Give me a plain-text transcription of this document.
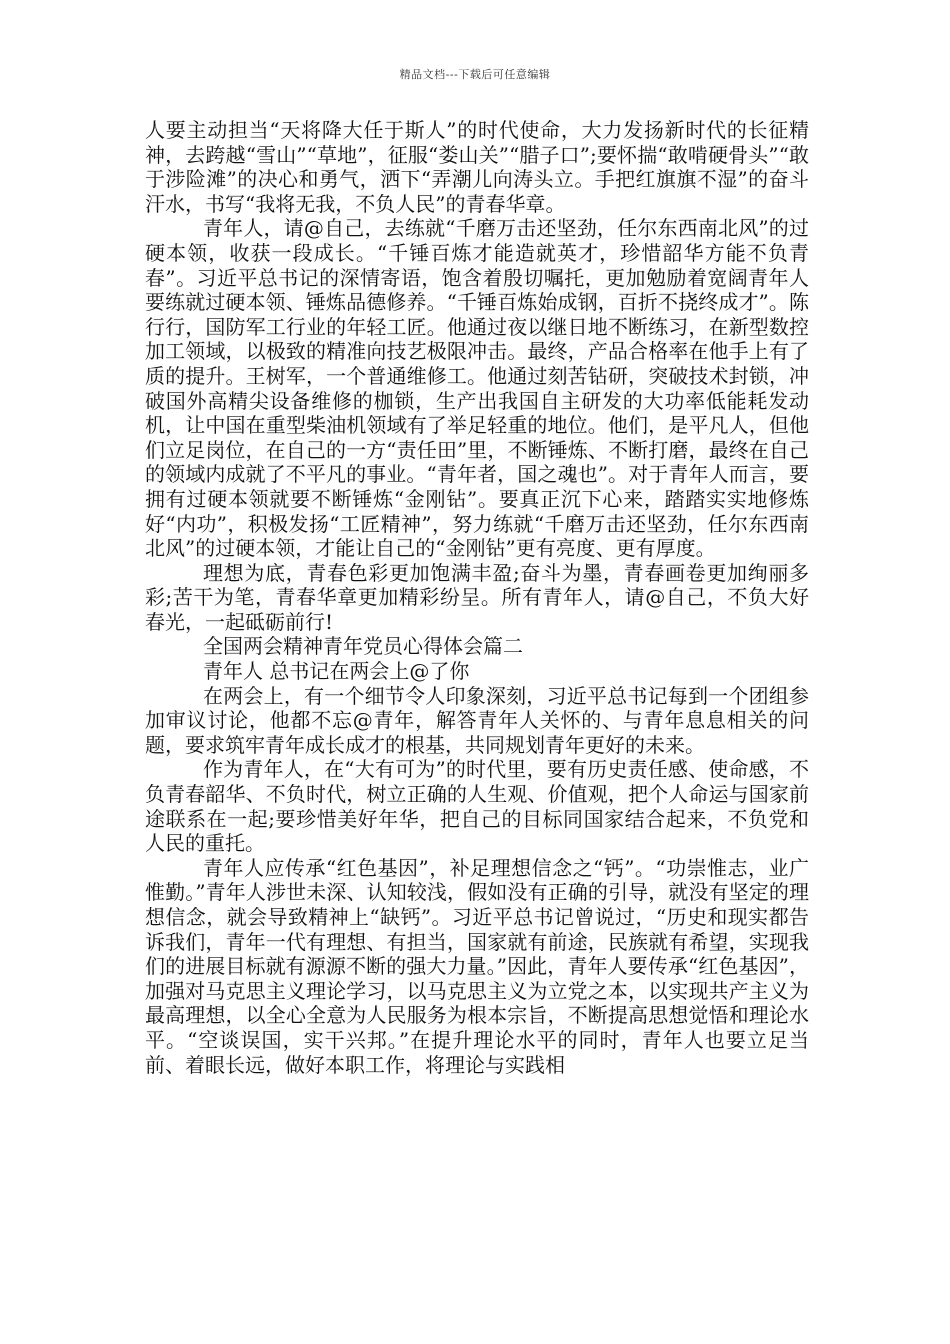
精品文档---下载后可任意编辑

人要主动担当“天将降大任于斯人”的时代使命，大力发扬新时代的长征精神，去跨越“雪山”“草地”，征服“娄山关”“腊子口”;要怀揣“敢啃硬骨头”“敢于涉险滩”的决心和勇气，洒下“弄潮儿向涛头立。手把红旗旗不湿”的奋斗汗水，书写“我将无我，不负人民”的青春华章。

青年人，请@自己，去练就“千磨万击还坚劲，任尔东西南北风”的过硬本领，收获一段成长。“千锤百炼才能造就英才，珍惜韶华方能不负青春”。习近平总书记的深情寄语，饱含着殷切嘱托，更加勉励着宽阔青年人要练就过硬本领、锤炼品德修养。“千锤百炼始成钢，百折不挠终成才”。陈行行，国防军工行业的年轻工匠。他通过夜以继日地不断练习，在新型数控加工领域，以极致的精准向技艺极限冲击。最终，产品合格率在他手上有了质的提升。王树军，一个普通维修工。他通过刻苦钻研，突破技术封锁，冲破国外高精尖设备维修的枷锁，生产出我国自主研发的大功率低能耗发动机，让中国在重型柴油机领域有了举足轻重的地位。他们，是平凡人，但他们立足岗位，在自己的一方“责任田”里，不断锤炼、不断打磨，最终在自己的领域内成就了不平凡的事业。“青年者，国之魂也”。对于青年人而言，要拥有过硬本领就要不断锤炼“金刚钻”。要真正沉下心来，踏踏实实地修炼好“内功”，积极发扬“工匠精神”，努力练就“千磨万击还坚劲，任尔东西南北风”的过硬本领，才能让自己的“金刚钻”更有亮度、更有厚度。

理想为底，青春色彩更加饱满丰盈;奋斗为墨，青春画卷更加绚丽多彩;苦干为笔，青春华章更加精彩纷呈。所有青年人，请@自己，不负大好春光，一起砥砺前行!

全国两会精神青年党员心得体会篇二

青年人 总书记在两会上@了你

在两会上，有一个细节令人印象深刻，习近平总书记每到一个团组参加审议讨论，他都不忘@青年，解答青年人关怀的、与青年息息相关的问题，要求筑牢青年成长成才的根基，共同规划青年更好的未来。

作为青年人，在“大有可为”的时代里，要有历史责任感、使命感，不负青春韶华、不负时代，树立正确的人生观、价值观，把个人命运与国家前途联系在一起;要珍惜美好年华，把自己的目标同国家结合起来，不负党和人民的重托。

青年人应传承“红色基因”，补足理想信念之“钙”。“功崇惟志，业广惟勤。”青年人涉世未深、认知较浅，假如没有正确的引导，就没有坚定的理想信念，就会导致精神上“缺钙”。习近平总书记曾说过，“历史和现实都告诉我们，青年一代有理想、有担当，国家就有前途，民族就有希望，实现我们的进展目标就有源源不断的强大力量。”因此，青年人要传承“红色基因”，加强对马克思主义理论学习，以马克思主义为立党之本，以实现共产主义为最高理想，以全心全意为人民服务为根本宗旨，不断提高思想觉悟和理论水平。“空谈误国，实干兴邦。”在提升理论水平的同时，青年人也要立足当前、着眼长远，做好本职工作，将理论与实践相
